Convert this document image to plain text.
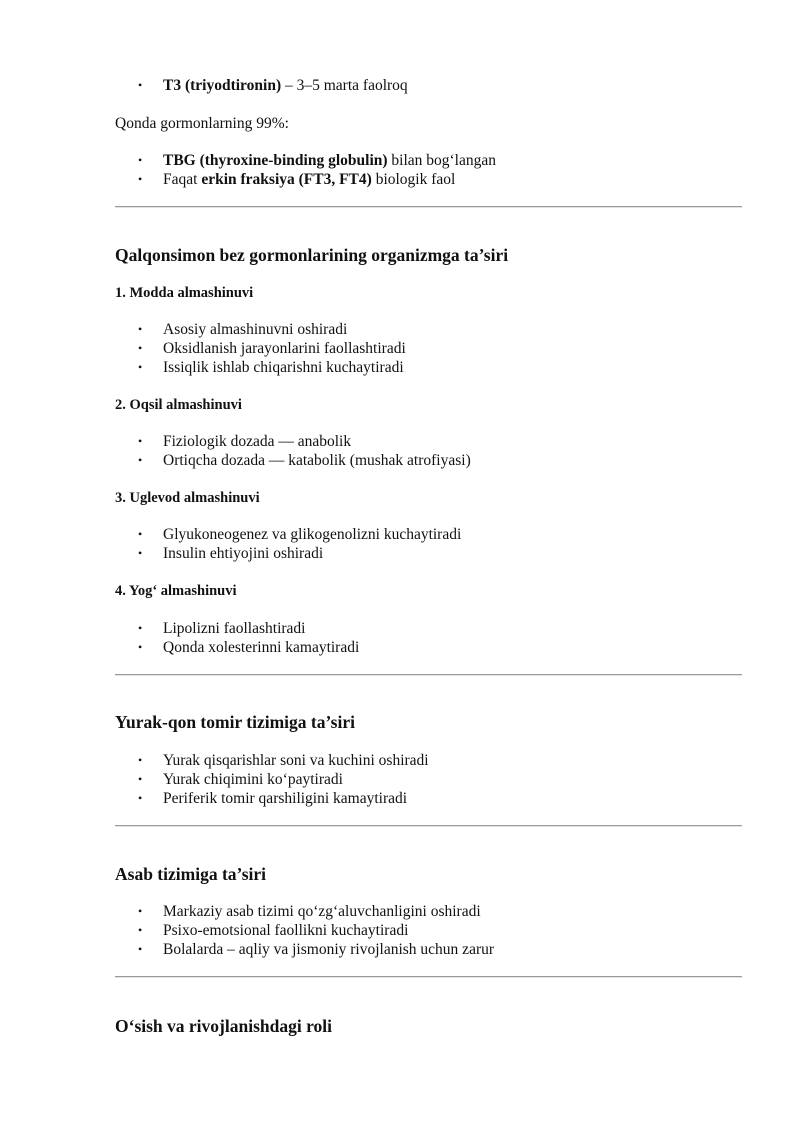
• T3 (triyodtironin) – 3–5 marta faolroq
Qonda gormonlarning 99%:
• TBG (thyroxine-binding globulin) bilan bog‘langan
• Faqat erkin fraksiya (FT3, FT4) biologik faol
Qalqonsimon bez gormonlarining organizmga ta’siri
1. Modda almashinuvi
• Asosiy almashinuvni oshiradi
• Oksidlanish jarayonlarini faollashtiradi
• Issiqlik ishlab chiqarishni kuchaytiradi
2. Oqsil almashinuvi
• Fiziologik dozada — anabolik
• Ortiqcha dozada — katabolik (mushak atrofiyasi)
3. Uglevod almashinuvi
• Glyukoneogenez va glikogenolizni kuchaytiradi
• Insulin ehtiyojini oshiradi
4. Yog‘ almashinuvi
• Lipolizni faollashtiradi
• Qonda xolesterinni kamaytiradi
Yurak-qon tomir tizimiga ta’siri
• Yurak qisqarishlar soni va kuchini oshiradi
• Yurak chiqimini ko‘paytiradi
• Periferik tomir qarshiligini kamaytiradi
Asab tizimiga ta’siri
• Markaziy asab tizimi qo‘zg‘aluvchanligini oshiradi
• Psixo-emotsional faollikni kuchaytiradi
• Bolalarda – aqliy va jismoniy rivojlanish uchun zarur
O‘sish va rivojlanishdagi roli
